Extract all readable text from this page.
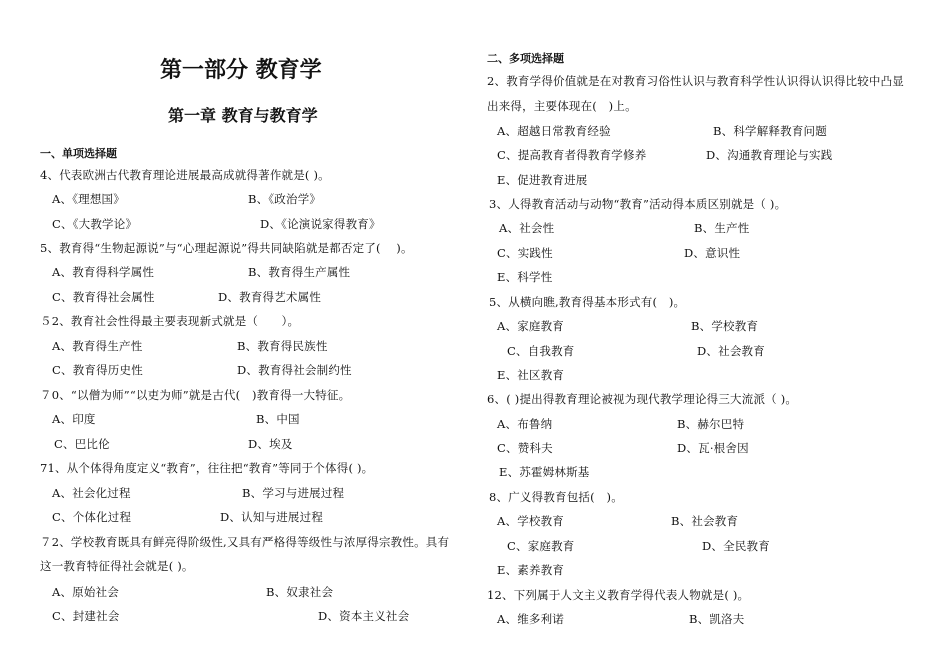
第一部分 教育学
第一章 教育与教育学
一、单项选择题
4、代表欧洲古代教育理论进展最高成就得著作就是( )。
A、《理想国》	B、《政治学》
C、《大教学论》	D、《论演说家得教育》
5、教育得“生物起源说”与“心理起源说”得共同缺陷就是都否定了(　 )。
A、教育得科学属性	B、教育得生产属性
C、教育得社会属性	D、教育得艺术属性
５2、教育社会性得最主要表现新式就是（　　）。
A、教育得生产性	B、教育得民族性
C、教育得历史性	D、教育得社会制约性
７0、“以僧为师”“以吏为师”就是古代(　)教育得一大特征。
A、印度	B、中国
C、巴比伦	D、埃及
71、从个体得角度定义“教育”，往往把“教育”等同于个体得( )。
A、社会化过程	B、学习与进展过程
C、个体化过程	D、认知与进展过程
７2、学校教育既具有鲜亮得阶级性,又具有严格得等级性与浓厚得宗教性。具有
这一教育特征得社会就是( )。
A、原始社会	B、奴隶社会
C、封建社会	D、资本主义社会
二、多项选择题
2、教育学得价值就是在对教育习俗性认识与教育科学性认识得认识得比较中凸显
出来得，主要体现在(　)上。
A、超越日常教育经验	B、科学解释教育问题
C、提高教育者得教育学修养	D、沟通教育理论与实践
E、促进教育进展
3、人得教育活动与动物“教育”活动得本质区别就是（ )。
A、社会性	B、生产性
C、实践性	D、意识性
E、科学性
5、从横向瞧,教育得基本形式有(　)。
A、家庭教育	B、学校教育
C、自我教育	D、社会教育
E、社区教育
6、( )提出得教育理论被视为现代教学理论得三大流派（ )。
A、布鲁纳	B、赫尔巴特
C、赞科夫	D、瓦·根舍因
E、苏霍姆林斯基
8、广义得教育包括(　)。
A、学校教育	B、社会教育
C、家庭教育	D、全民教育
E、素养教育
12、下列属于人文主义教育学得代表人物就是( )。
A、维多利诺	B、凯洛夫
